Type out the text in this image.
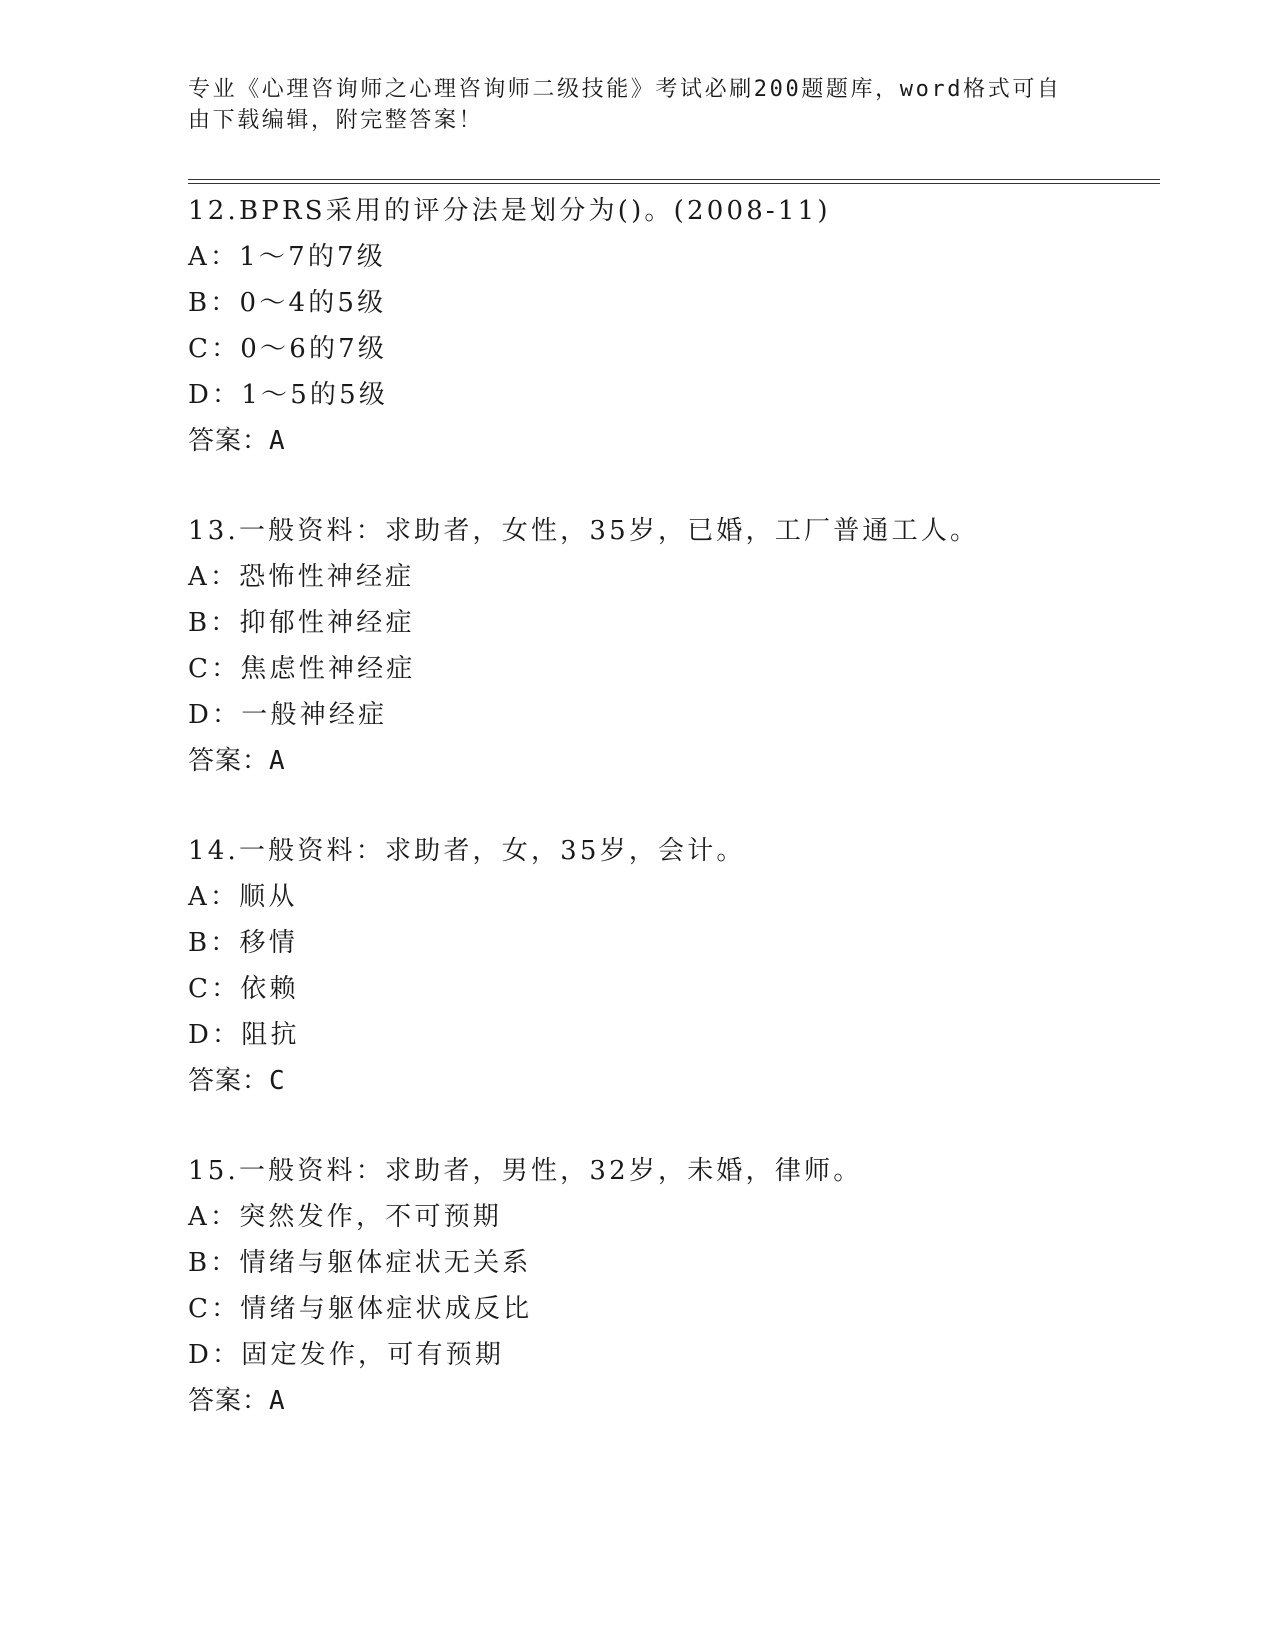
专业《心理咨询师之心理咨询师二级技能》考试必刷200题题库，word格式可自
由下载编辑，附完整答案！
12.BPRS采用的评分法是划分为()。(2008-11)
A：1～7的7级
B：0～4的5级
C：0～6的7级
D：1～5的5级
答案：A
13.一般资料：求助者，女性，35岁，已婚，工厂普通工人。
A：恐怖性神经症
B：抑郁性神经症
C：焦虑性神经症
D：一般神经症
答案：A
14.一般资料：求助者，女，35岁，会计。
A：顺从
B：移情
C：依赖
D：阻抗
答案：C
15.一般资料：求助者，男性，32岁，未婚，律师。
A：突然发作，不可预期
B：情绪与躯体症状无关系
C：情绪与躯体症状成反比
D：固定发作，可有预期
答案：A
